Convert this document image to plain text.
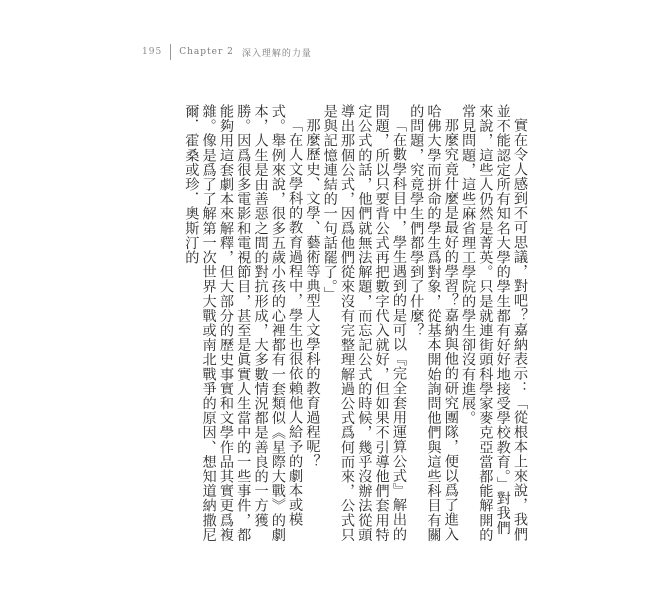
195 Chapter 2 深入理解的力量

實在令人感到不可思議，對吧？嘉納表示：「從根本上來說，我們並不能認定所有知名大學的學生都有好好地接受學校教育。」對我們來說，這些人仍然是菁英。只是就連街頭科學家麥克亞當都能解開的常見問題，這些麻省理工學院的學生卻沒有進展。

那麼究竟什麼是最好的學習？嘉納與他的研究團隊，便以爲了進入哈佛大學而拼命的學生爲對象，從基本開始詢問他們與這些科目有關的問題，究竟學生們都學到了什麼？

「在數學科目中，學生遇到的是可以『完全套用運算公式』解出的問題，所以只要背公式再把數字代入就好，但如果不引導他們套用特定公式的話，他們就無法解題，而忘記公式的時候，幾乎沒辦法從頭導出那個公式，因爲他們從來沒有完整理解過公式爲何而來，公式只是與記憶連結的一句話罷了。」

那麼歷史、文學、藝術等典型人文學科的教育過程呢？

「在人文學科的教育過程中，學生也很依賴他人給予的劇本或模式。舉例來說，很多五歲小孩的心裡都有一套類似《星際大戰》的劇本，人生是由善惡之間的對抗形成，大多數情況都是善良的一方獲勝。因爲很多電影和電視節目，甚至是眞實人生當中的一些事件，都能夠用這套劇本來解釋，但大部分的歷史事實和文學作品其實更爲複雜。像是爲了了解第一次世界大戰或南北戰爭的原因、想知道納撒尼爾．霍桑或珍．奧斯汀的
